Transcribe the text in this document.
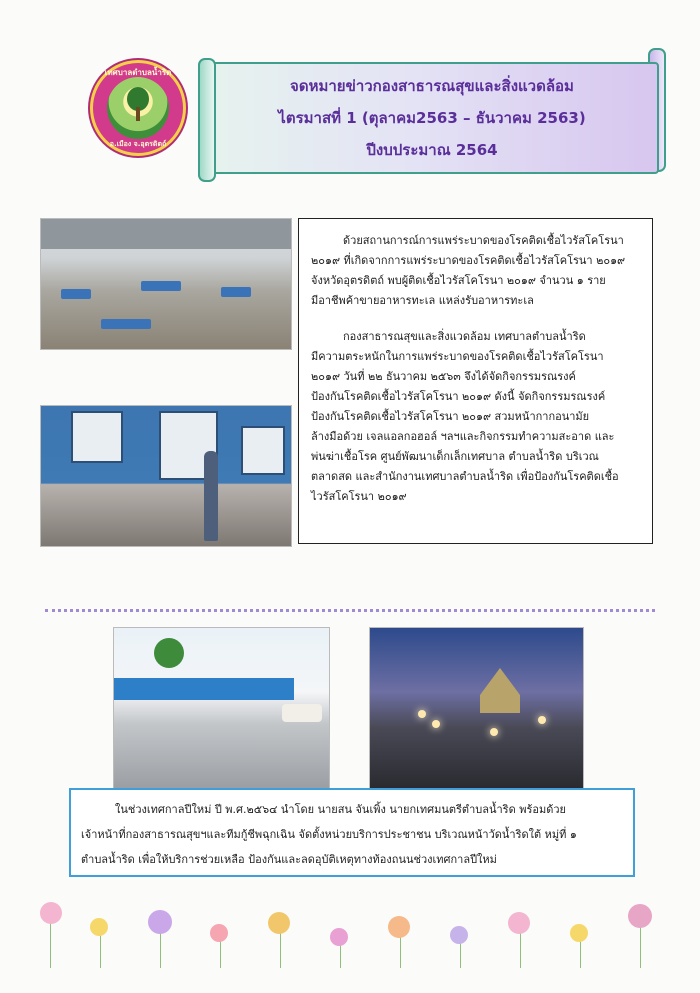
เทศบาลตำบลน้ำริด
อ.เมือง จ.อุตรดิตถ์
จดหมายข่าวกองสาธารณสุขและสิ่งแวดล้อม
ไตรมาสที่ 1 (ตุลาคม2563 – ธันวาคม 2563)
ปีงบประมาณ 2564
ด้วยสถานการณ์การแพร่ระบาดของโรคติดเชื้อไวรัสโคโรนา
๒๐๑๙ ที่เกิดจากการแพร่ระบาดของโรคติดเชื้อไวรัสโคโรนา ๒๐๑๙
จังหวัดอุตรดิตถ์ พบผู้ติดเชื้อไวรัสโคโรนา ๒๐๑๙ จำนวน ๑ ราย
มีอาชีพค้าขายอาหารทะเล แหล่งรับอาหารทะเล
กองสาธารณสุขและสิ่งแวดล้อม เทศบาลตำบลน้ำริด
มีความตระหนักในการแพร่ระบาดของโรคติดเชื้อไวรัสโคโรนา
๒๐๑๙ วันที่ ๒๒ ธันวาคม ๒๕๖๓ จึงได้จัดกิจกรรมรณรงค์
ป้องกันโรคติดเชื้อไวรัสโคโรนา ๒๐๑๙ ดังนี้ จัดกิจกรรมรณรงค์
ป้องกันโรคติดเชื้อไวรัสโคโรนา ๒๐๑๙ สวมหน้ากากอนามัย
ล้างมือด้วย เจลแอลกอฮอล์ ฯลฯและกิจกรรมทำความสะอาด และ
พ่นฆ่าเชื้อโรค ศูนย์พัฒนาเด็กเล็กเทศบาล ตำบลน้ำริด บริเวณ
ตลาดสด และสำนักงานเทศบาลตำบลน้ำริด เพื่อป้องกันโรคติดเชื้อ
ไวรัสโคโรนา ๒๐๑๙
ในช่วงเทศกาลปีใหม่ ปี พ.ศ.๒๕๖๔ นำโดย นายสน จันเพิ้ง นายกเทศมนตรีตำบลน้ำริด พร้อมด้วย
เจ้าหน้าที่กองสาธารณสุขฯและทีมกู้ชีพฉุกเฉิน จัดตั้งหน่วยบริการประชาชน บริเวณหน้าวัดน้ำริดใต้ หมู่ที่ ๑
ตำบลน้ำริด เพื่อให้บริการช่วยเหลือ ป้องกันและลดอุบัติเหตุทางท้องถนนช่วงเทศกาลปีใหม่
